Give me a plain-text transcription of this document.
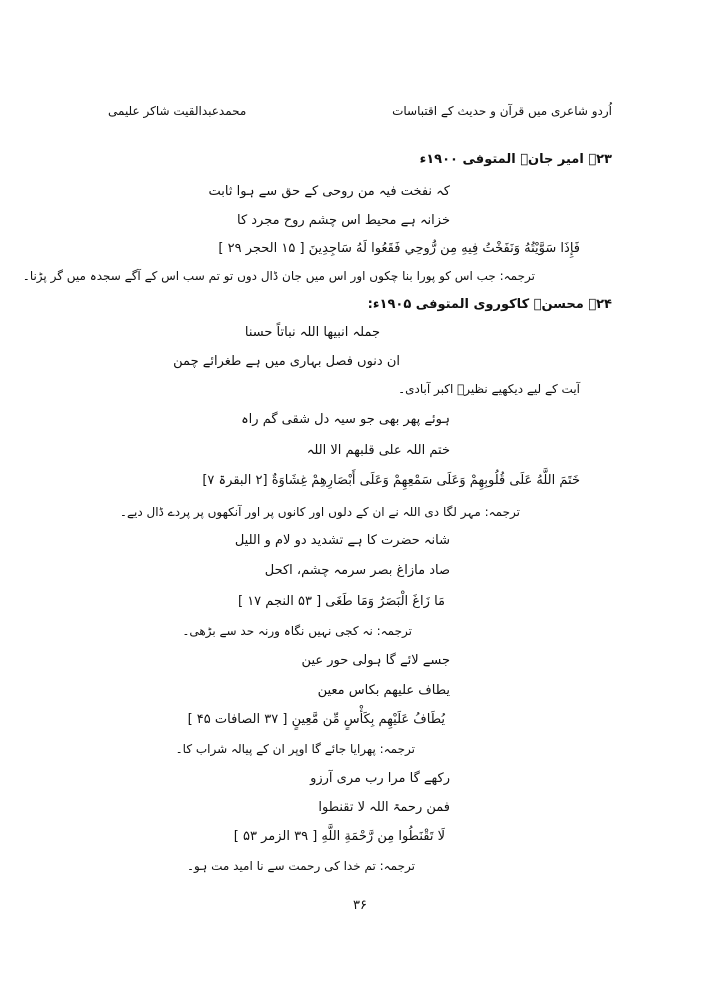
اُردو شاعری میں قرآن و حدیث کے اقتباسات
محمدعبدالقیت شاکر علیمی
۲۳۔ امیر جانؔ المتوفی ۱۹۰۰ء
کہ نفخت فیہ من روحی کے حق سے ہوا ثابت
خزانہ ہے محیط اس چشم روح مجرد کا
فَإِذَا سَوَّيْتُهُ وَنَفَخْتُ فِيهِ مِن رُّوحِي فَقَعُوا لَهُ سَاجِدِينَ [ ۱۵ الحجر ۲۹ ]
ترجمہ: جب اس کو پورا بنا چکوں اور اس میں جان ڈال دوں تو تم سب اس کے آگے سجدہ میں گر پڑنا۔
۲۴۔ محسنؔ کاکوروی المتوفی ۱۹۰۵ء:
جملہ انبیھا اللہ نباتاً حسنا
ان دنوں فصل بہاری میں ہے طغرائے چمن
آیت کے لیے دیکھیے نظیرؔ اکبر آبادی۔
ہوئے پھر بھی جو سیہ دل شقی گم راہ
ختم اللہ علی قلبھم الا اللہ
خَتَمَ اللَّهُ عَلَى قُلُوبِهِمْ وَعَلَى سَمْعِهِمْ وَعَلَى أَبْصَارِهِمْ غِشَاوَةٌ [۲ البقرۃ ۷]
ترجمہ: مہر لگا دی اللہ نے ان کے دلوں اور کانوں پر اور آنکھوں پر پردے ڈال دیے۔
شانہ حضرت کا ہے تشدید دو لام و اللیل
صاد مازاغ بصر سرمہ چشم، اکحل
مَا زَاغَ الْبَصَرُ وَمَا طَغَى [ ۵۳ النجم ۱۷ ]
ترجمہ: نہ کجی نہیں نگاہ ورنہ حد سے بڑھی۔
جسے لائے گا ہولی حور عین
یطاف علیھم بکاس معین
يُطَافُ عَلَيْهِم بِكَأْسٍ مِّن مَّعِينٍ [ ۳۷ الصافات ۴۵ ]
ترجمہ: پھرایا جائے گا اوپر ان کے پیالہ شراب کا۔
رکھے گا مرا رب مری آرزو
فمن رحمۃ اللہ لا تقنطوا
لَا تَقْنَطُوا مِن رَّحْمَةِ اللَّهِ [ ۳۹ الزمر ۵۳ ]
ترجمہ: تم خدا کی رحمت سے نا امید مت ہو۔
۳۶
